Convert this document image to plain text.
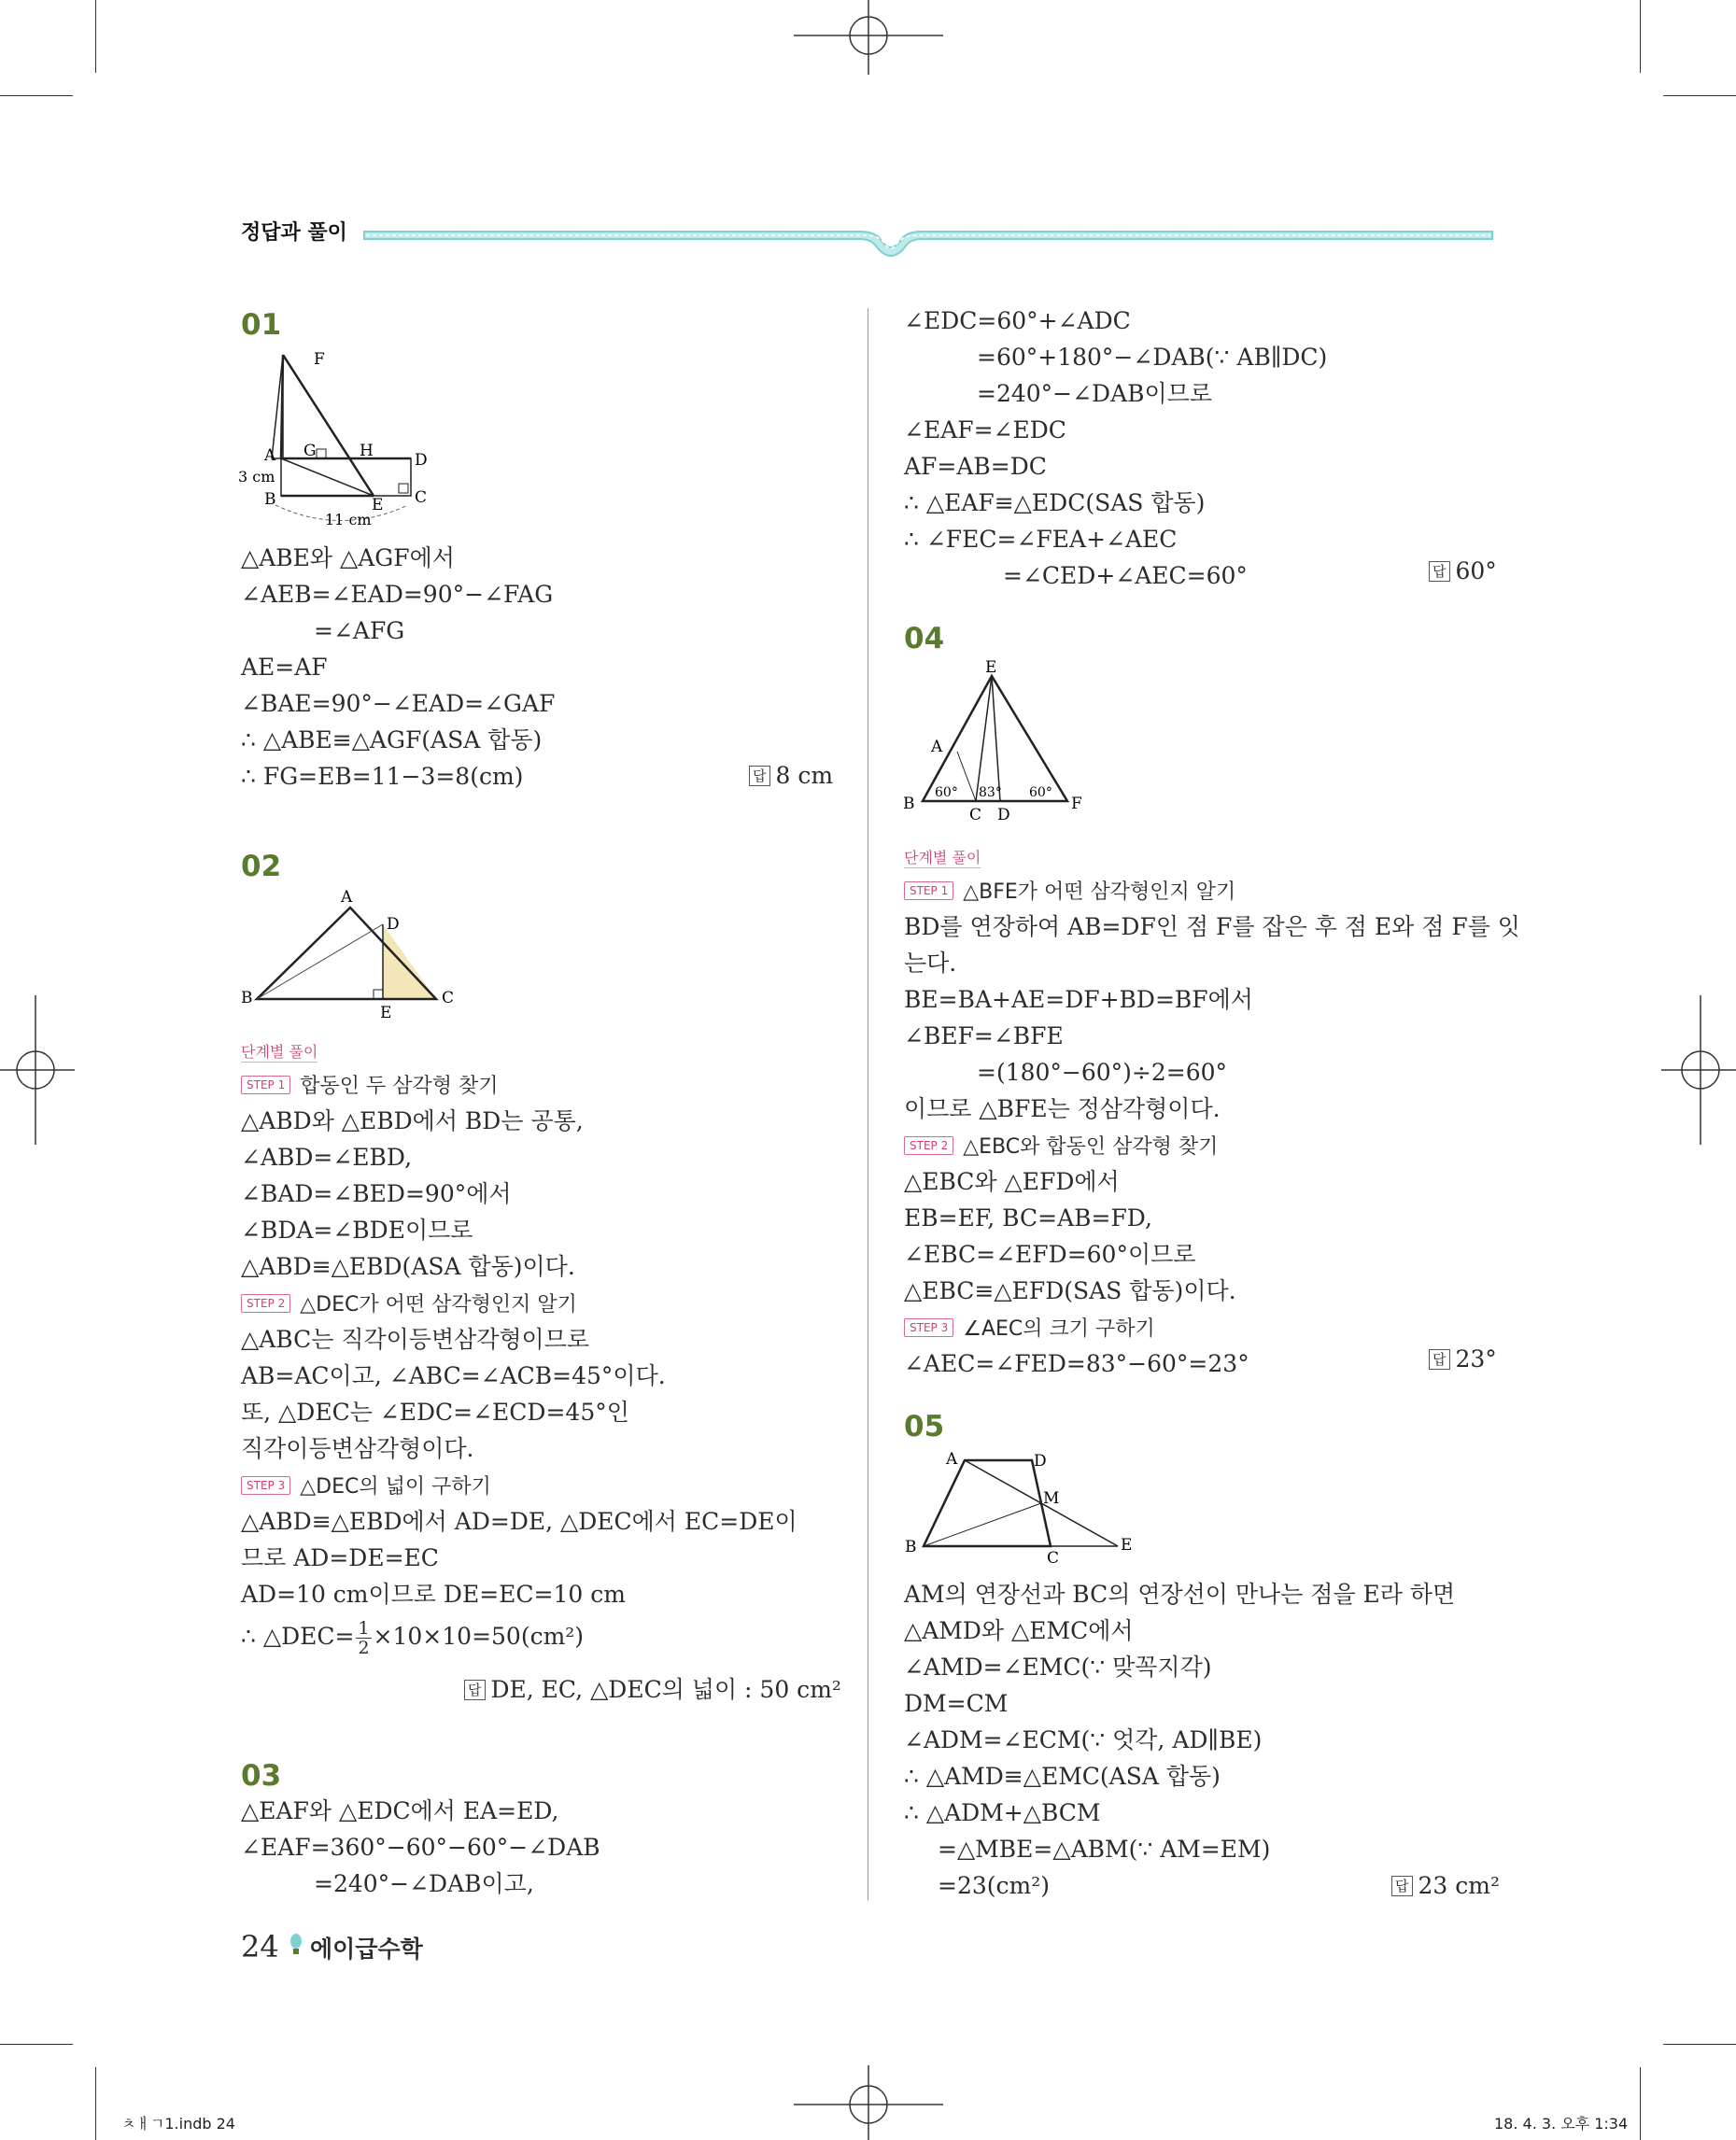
정답과 풀이
01
F
A G	H	D
3 cm
B	E C
11 cm
△ABE와 △AGF에서
∠AEB=∠EAD=90°−∠FAG
=∠AFG
AE=AF
∠BAE=90°−∠EAD=∠GAF
∴ △ABE≡△AGF(ASA 합동)
∴ FG=EB=11−3=8(cm)	답 8 cm
02
A
D
B
E
C
단계별 풀이
STEP 1 합동인 두 삼각형 찾기
△ABD와 △EBD에서 BD는 공통,
∠ABD=∠EBD,
∠BAD=∠BED=90°에서
∠BDA=∠BDE이므로
△ABD≡△EBD(ASA 합동)이다.
STEP 2 △DEC가 어떤 삼각형인지 알기
△ABC는 직각이등변삼각형이므로
AB=AC이고, ∠ABC=∠ACB=45°이다.
또, △DEC는 ∠EDC=∠ECD=45°인
직각이등변삼각형이다.
STEP 3 △DEC의 넓이 구하기
△ABD≡△EBD에서 AD=DE, △DEC에서 EC=DE이
므로 AD=DE=EC
AD=10 cm이므로 DE=EC=10 cm
∴ △DEC= $\frac{1}{2} \times 10\times 10=50(cm^2)$
답 DE, EC, △DEC의 넓이 : 50 cm²
03
△EAF와 △EDC에서 EA=ED,
∠EAF=360°−60°−60°−∠DAB
=240°−∠DAB이고,
∠EDC=60°+∠ADC
=60°+180°−∠DAB(∵ AB∥DC)
=240°−∠DAB이므로
∠EAF=∠EDC
AF=AB=DC
∴ △EAF≡△EDC(SAS 합동)
∴ ∠FEC=∠FEA+∠AEC
=∠CED+∠AEC=60°	답 60°
04
E
A
B
C D
F
60° 83° 60°
단계별 풀이
STEP 1 △BFE가 어떤 삼각형인지 알기
BD를 연장하여 AB=DF인 점 F를 잡은 후 점 E와 점 F를 잇
는다.
BE=BA+AE=DF+BD=BF에서
∠BEF=∠BFE
=(180°−60°)÷2=60°
이므로 △BFE는 정삼각형이다.
STEP 2 △EBC와 합동인 삼각형 찾기
△EBC와 △EFD에서
EB=EF, BC=AB=FD,
∠EBC=∠EFD=60°이므로
△EBC≡△EFD(SAS 합동)이다.
STEP 3 ∠AEC의 크기 구하기
∠AEC=∠FED=83°−60°=23°	답 23°
05
A	D
M
B
C
E
AM의 연장선과 BC의 연장선이 만나는 점을 E라 하면
△AMD와 △EMC에서
∠AMD=∠EMC(∵ 맞꼭지각)
DM=CM
∠ADM=∠ECM(∵ 엇각, AD∥BE)
∴ △AMD≡△EMC(ASA 합동)
∴ △ADM+△BCM
=△MBE=△ABM(∵ AM=EM)
=23(cm²)	답 23 cm²
24 에이급수학
ㅊㅐㄱ1.indb 24	18. 4. 3. 오후 1:34
